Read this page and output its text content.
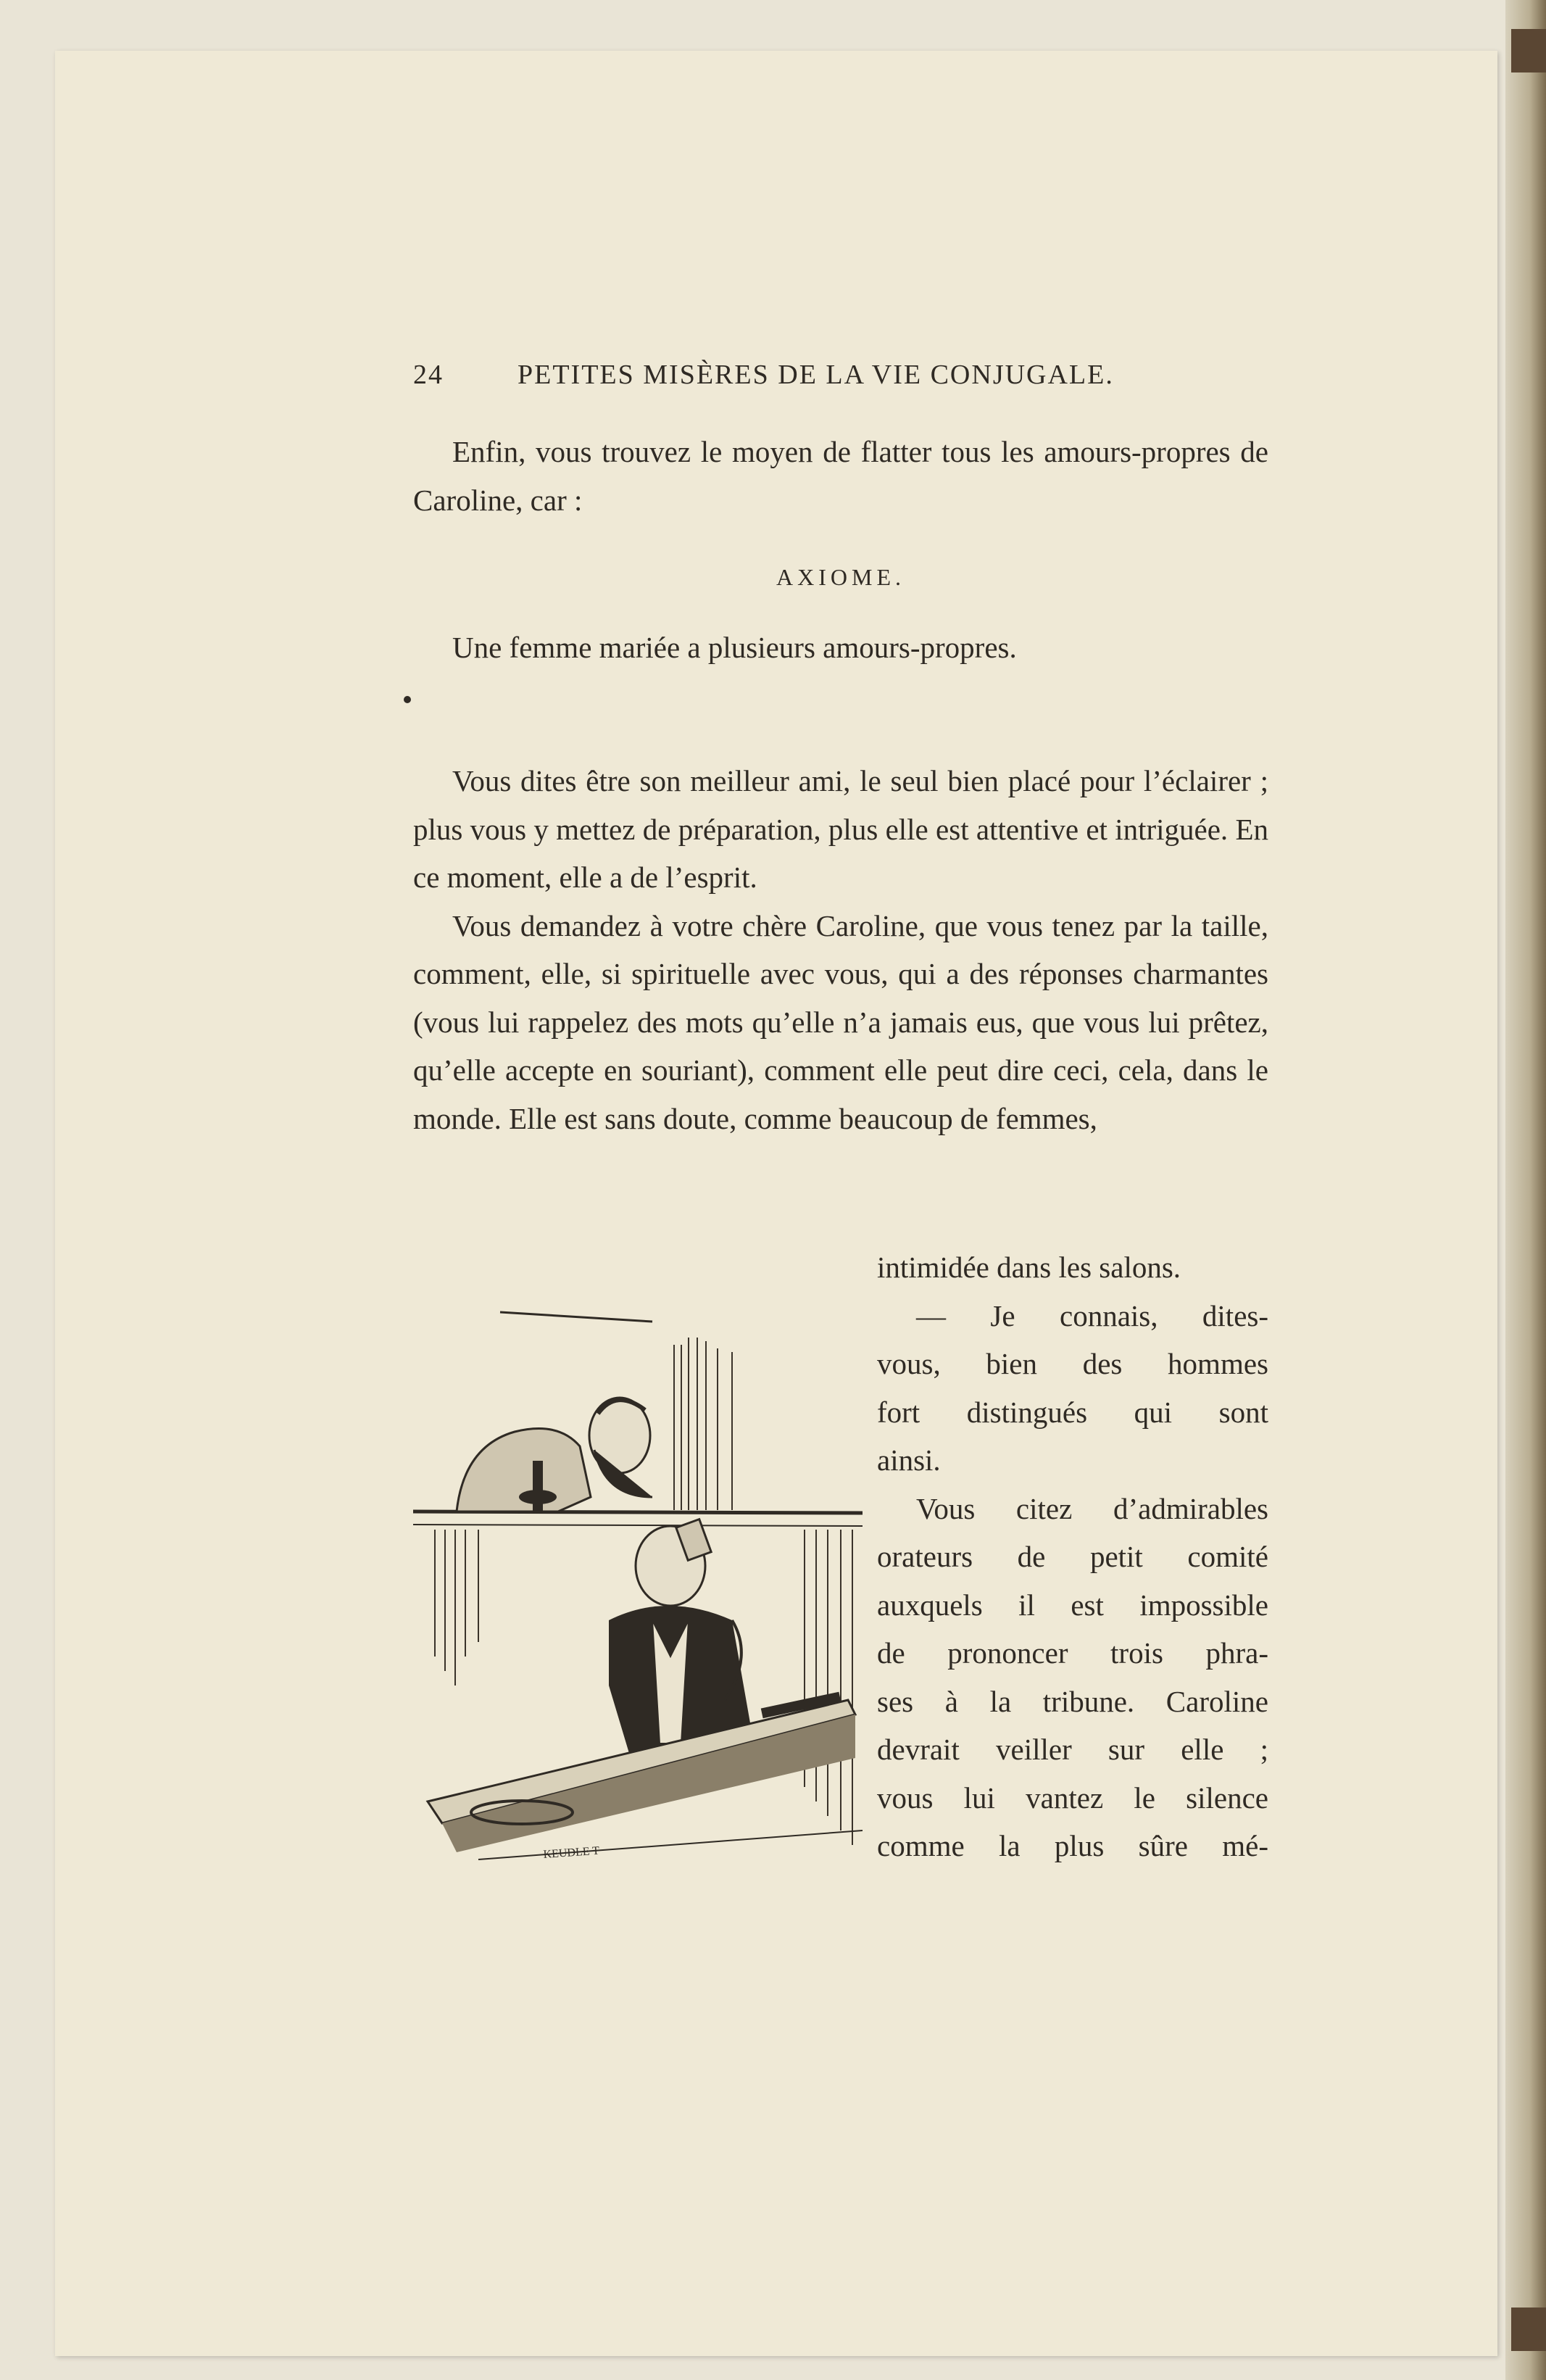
24	PETITES MISÈRES DE LA VIE CONJUGALE.

Enfin, vous trouvez le moyen de flatter tous les amours-propres de Caroline, car :

AXIOME.

Une femme mariée a plusieurs amours-propres.

Vous dites être son meilleur ami, le seul bien placé pour l’éclairer ; plus vous y mettez de préparation, plus elle est attentive et intriguée. En ce moment, elle a de l’esprit.

Vous demandez à votre chère Caroline, que vous tenez par la taille, comment, elle, si spirituelle avec vous, qui a des réponses charmantes (vous lui rappelez des mots qu’elle n’a jamais eus, que vous lui prêtez, qu’elle accepte en souriant), comment elle peut dire ceci, cela, dans le monde. Elle est sans doute, comme beaucoup de femmes,

KEUDLE T

intimidée dans les salons.

— Je connais, dites-

vous, bien des hommes

fort distingués qui sont

ainsi.

Vous citez d’admirables

orateurs de petit comité

auxquels il est impossible

de prononcer trois phra-

ses à la tribune. Caroline

devrait veiller sur elle ;

vous lui vantez le silence

comme la plus sûre mé-
